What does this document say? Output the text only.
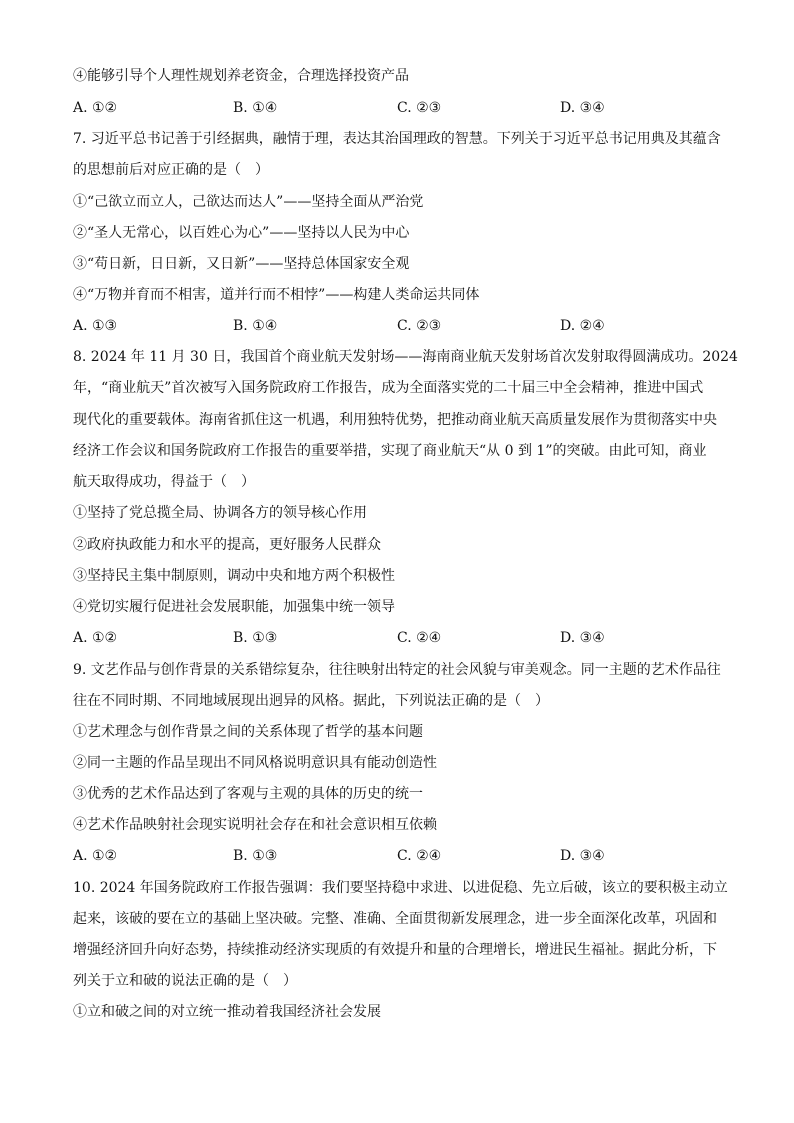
④能够引导个人理性规划养老资金，合理选择投资产品
A. ①②	B. ①④	C. ②③	D. ③④
7. 习近平总书记善于引经据典，融情于理，表达其治国理政的智慧。下列关于习近平总书记用典及其蕴含
的思想前后对应正确的是（　）
①“己欲立而立人，己欲达而达人”——坚持全面从严治党
②“圣人无常心，以百姓心为心”——坚持以人民为中心
③“苟日新，日日新，又日新”——坚持总体国家安全观
④“万物并育而不相害，道并行而不相悖”——构建人类命运共同体
A. ①③	B. ①④	C. ②③	D. ②④
8. 2024 年 11 月 30 日，我国首个商业航天发射场——海南商业航天发射场首次发射取得圆满成功。2024
年，“商业航天”首次被写入国务院政府工作报告，成为全面落实党的二十届三中全会精神，推进中国式
现代化的重要载体。海南省抓住这一机遇，利用独特优势，把推动商业航天高质量发展作为贯彻落实中央
经济工作会议和国务院政府工作报告的重要举措，实现了商业航天“从 0 到 1”的突破。由此可知，商业
航天取得成功，得益于（　）
①坚持了党总揽全局、协调各方的领导核心作用
②政府执政能力和水平的提高，更好服务人民群众
③坚持民主集中制原则，调动中央和地方两个积极性
④党切实履行促进社会发展职能，加强集中统一领导
A. ①②	B. ①③	C. ②④	D. ③④
9. 文艺作品与创作背景的关系错综复杂，往往映射出特定的社会风貌与审美观念。同一主题的艺术作品往
往在不同时期、不同地域展现出迥异的风格。据此，下列说法正确的是（　）
①艺术理念与创作背景之间的关系体现了哲学的基本问题
②同一主题的作品呈现出不同风格说明意识具有能动创造性
③优秀的艺术作品达到了客观与主观的具体的历史的统一
④艺术作品映射社会现实说明社会存在和社会意识相互依赖
A. ①②	B. ①③	C. ②④	D. ③④
10. 2024 年国务院政府工作报告强调：我们要坚持稳中求进、以进促稳、先立后破，该立的要积极主动立
起来，该破的要在立的基础上坚决破。完整、准确、全面贯彻新发展理念，进一步全面深化改革，巩固和
增强经济回升向好态势，持续推动经济实现质的有效提升和量的合理增长，增进民生福祉。据此分析，下
列关于立和破的说法正确的是（　）
①立和破之间的对立统一推动着我国经济社会发展
